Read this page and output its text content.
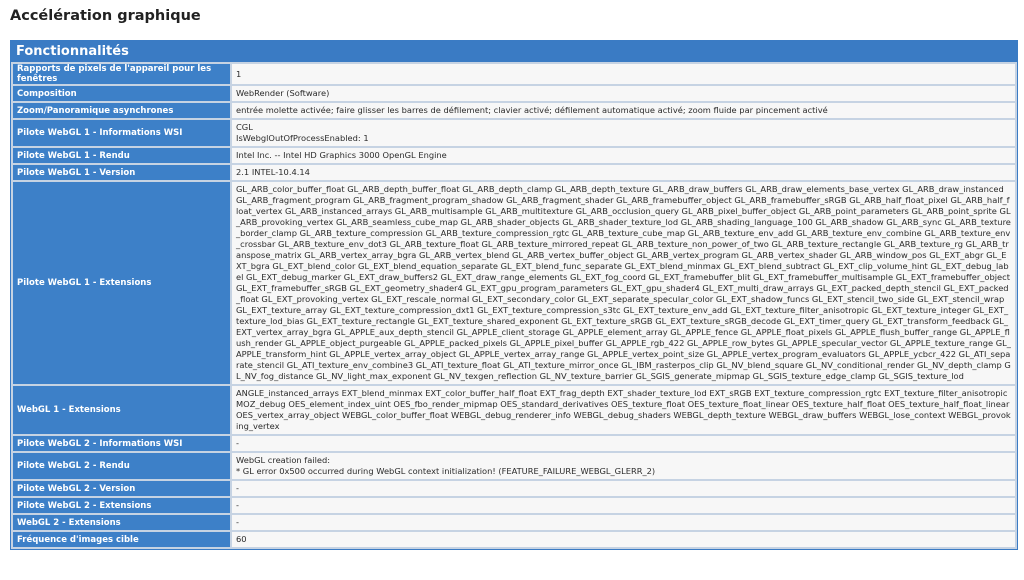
Accélération graphique
Fonctionnalités
Rapports de pixels de l'appareil pour les fenêtres	1

Composition	WebRender (Software)

Zoom/Panoramique asynchrones	entrée molette activée; faire glisser les barres de défilement; clavier activé; défilement automatique activé; zoom fluide par pincement activé

Pilote WebGL 1 - Informations WSI	CGL
IsWebglOutOfProcessEnabled: 1

Pilote WebGL 1 - Rendu	Intel Inc. -- Intel HD Graphics 3000 OpenGL Engine

Pilote WebGL 1 - Version	2.1 INTEL-10.4.14

Pilote WebGL 1 - Extensions	GL_ARB_color_buffer_float GL_ARB_depth_buffer_float GL_ARB_depth_clamp GL_ARB_depth_texture GL_ARB_draw_buffers GL_ARB_draw_elements_base_vertex GL_ARB_draw_instanced GL_ARB_fragment_program GL_ARB_fragment_program_shadow GL_ARB_fragment_shader GL_ARB_framebuffer_object GL_ARB_framebuffer_sRGB GL_ARB_half_float_pixel GL_ARB_half_float_vertex GL_ARB_instanced_arrays GL_ARB_multisample GL_ARB_multitexture GL_ARB_occlusion_query GL_ARB_pixel_buffer_object GL_ARB_point_parameters GL_ARB_point_sprite GL_ARB_provoking_vertex GL_ARB_seamless_cube_map GL_ARB_shader_objects GL_ARB_shader_texture_lod GL_ARB_shading_language_100 GL_ARB_shadow GL_ARB_sync GL_ARB_texture_border_clamp GL_ARB_texture_compression GL_ARB_texture_compression_rgtc GL_ARB_texture_cube_map GL_ARB_texture_env_add GL_ARB_texture_env_combine GL_ARB_texture_env_crossbar GL_ARB_texture_env_dot3 GL_ARB_texture_float GL_ARB_texture_mirrored_repeat GL_ARB_texture_non_power_of_two GL_ARB_texture_rectangle GL_ARB_texture_rg GL_ARB_transpose_matrix GL_ARB_vertex_array_bgra GL_ARB_vertex_blend GL_ARB_vertex_buffer_object GL_ARB_vertex_program GL_ARB_vertex_shader GL_ARB_window_pos GL_EXT_abgr GL_EXT_bgra GL_EXT_blend_color GL_EXT_blend_equation_separate GL_EXT_blend_func_separate GL_EXT_blend_minmax GL_EXT_blend_subtract GL_EXT_clip_volume_hint GL_EXT_debug_label GL_EXT_debug_marker GL_EXT_draw_buffers2 GL_EXT_draw_range_elements GL_EXT_fog_coord GL_EXT_framebuffer_blit GL_EXT_framebuffer_multisample GL_EXT_framebuffer_object GL_EXT_framebuffer_sRGB GL_EXT_geometry_shader4 GL_EXT_gpu_program_parameters GL_EXT_gpu_shader4 GL_EXT_multi_draw_arrays GL_EXT_packed_depth_stencil GL_EXT_packed_float GL_EXT_provoking_vertex GL_EXT_rescale_normal GL_EXT_secondary_color GL_EXT_separate_specular_color GL_EXT_shadow_funcs GL_EXT_stencil_two_side GL_EXT_stencil_wrap GL_EXT_texture_array GL_EXT_texture_compression_dxt1 GL_EXT_texture_compression_s3tc GL_EXT_texture_env_add GL_EXT_texture_filter_anisotropic GL_EXT_texture_integer GL_EXT_texture_lod_bias GL_EXT_texture_rectangle GL_EXT_texture_shared_exponent GL_EXT_texture_sRGB GL_EXT_texture_sRGB_decode GL_EXT_timer_query GL_EXT_transform_feedback GL_EXT_vertex_array_bgra GL_APPLE_aux_depth_stencil GL_APPLE_client_storage GL_APPLE_element_array GL_APPLE_fence GL_APPLE_float_pixels GL_APPLE_flush_buffer_range GL_APPLE_flush_render GL_APPLE_object_purgeable GL_APPLE_packed_pixels GL_APPLE_pixel_buffer GL_APPLE_rgb_422 GL_APPLE_row_bytes GL_APPLE_specular_vector GL_APPLE_texture_range GL_APPLE_transform_hint GL_APPLE_vertex_array_object GL_APPLE_vertex_array_range GL_APPLE_vertex_point_size GL_APPLE_vertex_program_evaluators GL_APPLE_ycbcr_422 GL_ATI_separate_stencil GL_ATI_texture_env_combine3 GL_ATI_texture_float GL_ATI_texture_mirror_once GL_IBM_rasterpos_clip GL_NV_blend_square GL_NV_conditional_render GL_NV_depth_clamp GL_NV_fog_distance GL_NV_light_max_exponent GL_NV_texgen_reflection GL_NV_texture_barrier GL_SGIS_generate_mipmap GL_SGIS_texture_edge_clamp GL_SGIS_texture_lod

WebGL 1 - Extensions	ANGLE_instanced_arrays EXT_blend_minmax EXT_color_buffer_half_float EXT_frag_depth EXT_shader_texture_lod EXT_sRGB EXT_texture_compression_rgtc EXT_texture_filter_anisotropic MOZ_debug OES_element_index_uint OES_fbo_render_mipmap OES_standard_derivatives OES_texture_float OES_texture_float_linear OES_texture_half_float OES_texture_half_float_linear OES_vertex_array_object WEBGL_color_buffer_float WEBGL_debug_renderer_info WEBGL_debug_shaders WEBGL_depth_texture WEBGL_draw_buffers WEBGL_lose_context WEBGL_provoking_vertex

Pilote WebGL 2 - Informations WSI	-

Pilote WebGL 2 - Rendu	WebGL creation failed:
* GL error 0x500 occurred during WebGL context initialization! (FEATURE_FAILURE_WEBGL_GLERR_2)

Pilote WebGL 2 - Version	-

Pilote WebGL 2 - Extensions	-

WebGL 2 - Extensions	-

Fréquence d'images cible	60
